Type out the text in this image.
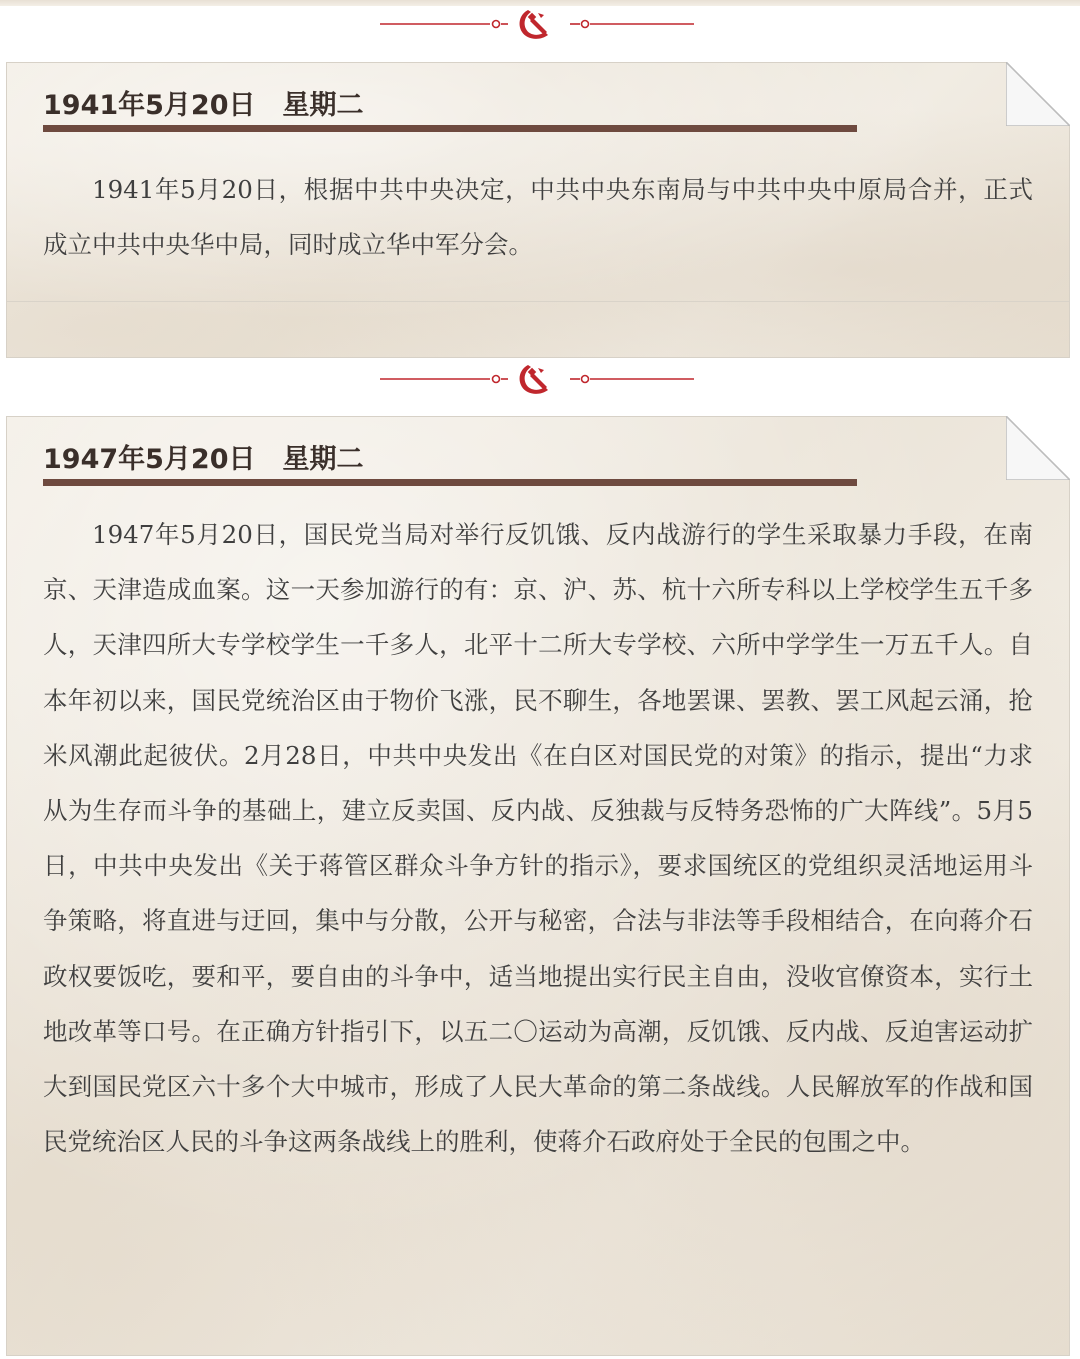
1941年5月20日　星期二

1941年5月20日，根据中共中央决定，中共中央东南局与中共中央中原局合并，正式成立中共中央华中局，同时成立华中军分会。

1947年5月20日　星期二

1947年5月20日，国民党当局对举行反饥饿、反内战游行的学生采取暴力手段，在南京、天津造成血案。这一天参加游行的有：京、沪、苏、杭十六所专科以上学校学生五千多人，天津四所大专学校学生一千多人，北平十二所大专学校、六所中学学生一万五千人。自本年初以来，国民党统治区由于物价飞涨，民不聊生，各地罢课、罢教、罢工风起云涌，抢米风潮此起彼伏。2月28日，中共中央发出《在白区对国民党的对策》的指示，提出“力求从为生存而斗争的基础上，建立反卖国、反内战、反独裁与反特务恐怖的广大阵线”。5月5日，中共中央发出《关于蒋管区群众斗争方针的指示》，要求国统区的党组织灵活地运用斗争策略，将直进与迂回，集中与分散，公开与秘密，合法与非法等手段相结合，在向蒋介石政权要饭吃，要和平，要自由的斗争中，适当地提出实行民主自由，没收官僚资本，实行土地改革等口号。在正确方针指引下，以五二〇运动为高潮，反饥饿、反内战、反迫害运动扩大到国民党区六十多个大中城市，形成了人民大革命的第二条战线。人民解放军的作战和国民党统治区人民的斗争这两条战线上的胜利，使蒋介石政府处于全民的包围之中。
